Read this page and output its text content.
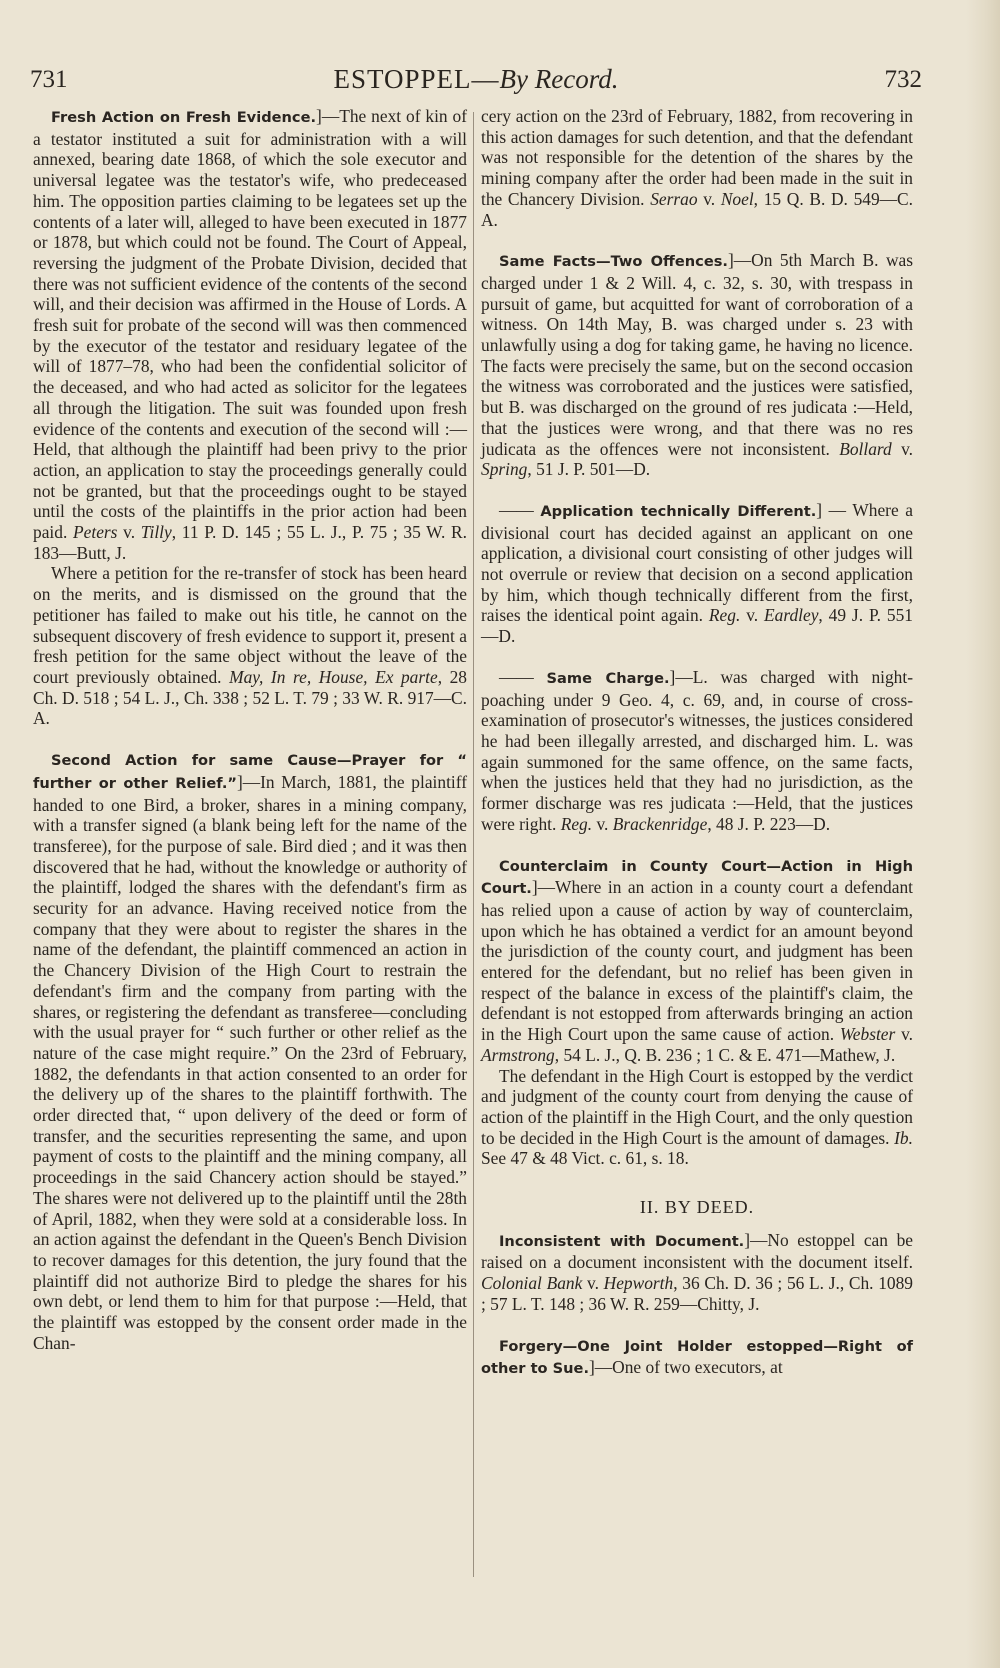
731	ESTOPPEL—By Record.	732

Fresh Action on Fresh Evidence.]—The next of kin of a testator instituted a suit for administration with a will annexed, bearing date 1868, of which the sole executor and universal legatee was the testator's wife, who predeceased him. The opposition parties claiming to be legatees set up the contents of a later will, alleged to have been executed in 1877 or 1878, but which could not be found. The Court of Appeal, reversing the judgment of the Probate Division, decided that there was not sufficient evidence of the contents of the second will, and their decision was affirmed in the House of Lords. A fresh suit for probate of the second will was then commenced by the executor of the testator and residuary legatee of the will of 1877–78, who had been the confidential solicitor of the deceased, and who had acted as solicitor for the legatees all through the litigation. The suit was founded upon fresh evidence of the contents and execution of the second will :—Held, that although the plaintiff had been privy to the prior action, an application to stay the proceedings generally could not be granted, but that the proceedings ought to be stayed until the costs of the plaintiffs in the prior action had been paid. Peters v. Tilly, 11 P. D. 145 ; 55 L. J., P. 75 ; 35 W. R. 183—Butt, J.

Where a petition for the re-transfer of stock has been heard on the merits, and is dismissed on the ground that the petitioner has failed to make out his title, he cannot on the subsequent discovery of fresh evidence to support it, present a fresh petition for the same object without the leave of the court previously obtained. May, In re, House, Ex parte, 28 Ch. D. 518 ; 54 L. J., Ch. 338 ; 52 L. T. 79 ; 33 W. R. 917—C. A.

Second Action for same Cause—Prayer for “ further or other Relief.”]—In March, 1881, the plaintiff handed to one Bird, a broker, shares in a mining company, with a transfer signed (a blank being left for the name of the transferee), for the purpose of sale. Bird died ; and it was then discovered that he had, without the knowledge or authority of the plaintiff, lodged the shares with the defendant's firm as security for an advance. Having received notice from the company that they were about to register the shares in the name of the defendant, the plaintiff commenced an action in the Chancery Division of the High Court to restrain the defendant's firm and the company from parting with the shares, or registering the defendant as transferee—concluding with the usual prayer for “ such further or other relief as the nature of the case might require.” On the 23rd of February, 1882, the defendants in that action consented to an order for the delivery up of the shares to the plaintiff forthwith. The order directed that, “ upon delivery of the deed or form of transfer, and the securities representing the same, and upon payment of costs to the plaintiff and the mining company, all proceedings in the said Chancery action should be stayed.” The shares were not delivered up to the plaintiff until the 28th of April, 1882, when they were sold at a considerable loss. In an action against the defendant in the Queen's Bench Division to recover damages for this detention, the jury found that the plaintiff did not authorize Bird to pledge the shares for his own debt, or lend them to him for that purpose :—Held, that the plaintiff was estopped by the consent order made in the Chan-

cery action on the 23rd of February, 1882, from recovering in this action damages for such detention, and that the defendant was not responsible for the detention of the shares by the mining company after the order had been made in the suit in the Chancery Division. Serrao v. Noel, 15 Q. B. D. 549—C. A.

Same Facts—Two Offences.]—On 5th March B. was charged under 1 & 2 Will. 4, c. 32, s. 30, with trespass in pursuit of game, but acquitted for want of corroboration of a witness. On 14th May, B. was charged under s. 23 with unlawfully using a dog for taking game, he having no licence. The facts were precisely the same, but on the second occasion the witness was corroborated and the justices were satisfied, but B. was discharged on the ground of res judicata :—Held, that the justices were wrong, and that there was no res judicata as the offences were not inconsistent. Bollard v. Spring, 51 J. P. 501—D.

—— Application technically Different.] — Where a divisional court has decided against an applicant on one application, a divisional court consisting of other judges will not overrule or review that decision on a second application by him, which though technically different from the first, raises the identical point again. Reg. v. Eardley, 49 J. P. 551—D.

—— Same Charge.]—L. was charged with night-poaching under 9 Geo. 4, c. 69, and, in course of cross-examination of prosecutor's witnesses, the justices considered he had been illegally arrested, and discharged him. L. was again summoned for the same offence, on the same facts, when the justices held that they had no jurisdiction, as the former discharge was res judicata :—Held, that the justices were right. Reg. v. Brackenridge, 48 J. P. 223—D.

Counterclaim in County Court—Action in High Court.]—Where in an action in a county court a defendant has relied upon a cause of action by way of counterclaim, upon which he has obtained a verdict for an amount beyond the jurisdiction of the county court, and judgment has been entered for the defendant, but no relief has been given in respect of the balance in excess of the plaintiff's claim, the defendant is not estopped from afterwards bringing an action in the High Court upon the same cause of action. Webster v. Armstrong, 54 L. J., Q. B. 236 ; 1 C. & E. 471—Mathew, J.

The defendant in the High Court is estopped by the verdict and judgment of the county court from denying the cause of action of the plaintiff in the High Court, and the only question to be decided in the High Court is the amount of damages. Ib. See 47 & 48 Vict. c. 61, s. 18.

II. BY DEED.

Inconsistent with Document.]—No estoppel can be raised on a document inconsistent with the document itself. Colonial Bank v. Hepworth, 36 Ch. D. 36 ; 56 L. J., Ch. 1089 ; 57 L. T. 148 ; 36 W. R. 259—Chitty, J.

Forgery—One Joint Holder estopped—Right of other to Sue.]—One of two executors, at
